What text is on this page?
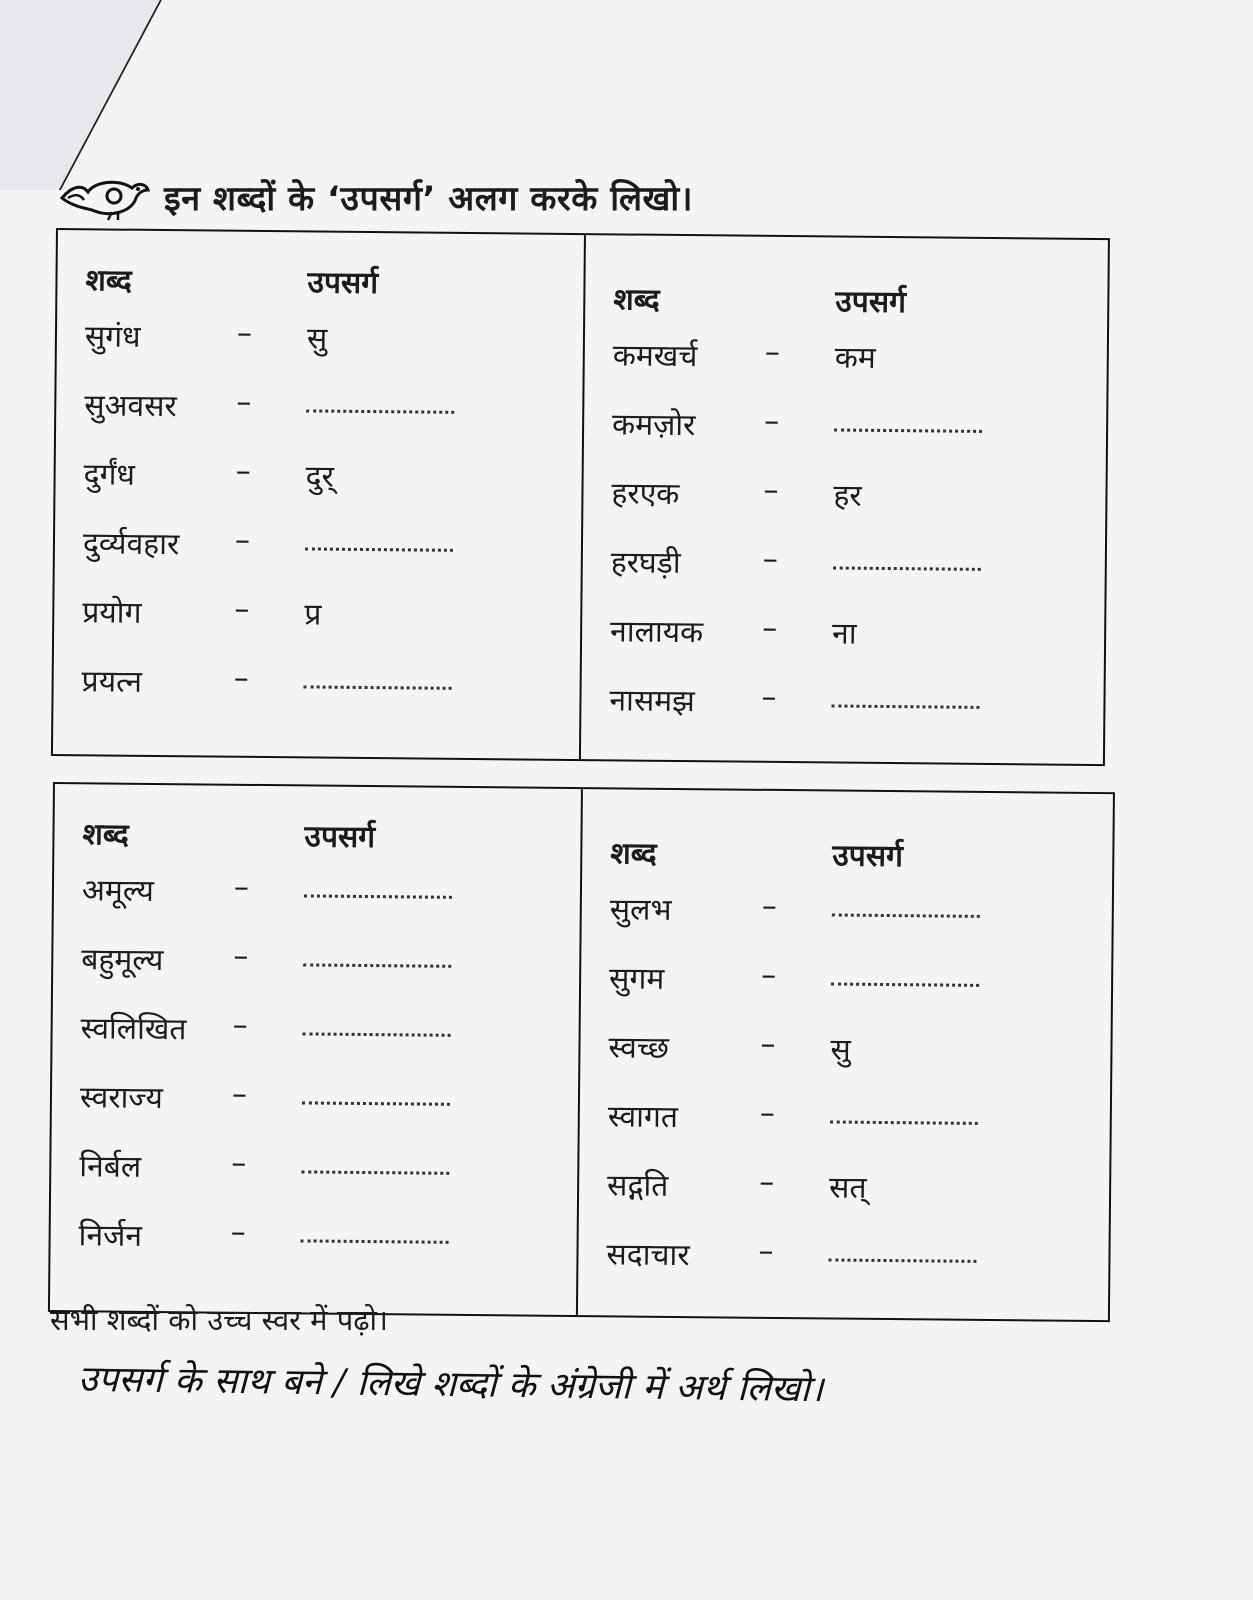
इन शब्दों के ‘उपसर्ग’ अलग करके लिखो।
शब्द	उपसर्ग
सुगंध	– सु
सुअवसर –
दुर्गंध	– दुर्
दुर्व्यवहार –
प्रयोग	– प्र
प्रयत्न	–
शब्द	उपसर्ग
कमखर्च – कम
कमज़ोर –
हरएक	– हर
हरघड़ी	–
नालायक – ना
नासमझ –
शब्द	उपसर्ग
अमूल्य	–
बहुमूल्य –
स्वलिखित –
स्वराज्य –
निर्बल	–
निर्जन	–
शब्द	उपसर्ग
सुलभ	–
सुगम	–
स्वच्छ	– सु
स्वागत	–
सद्गति	– सत्
सदाचार –
सभी शब्दों को उच्च स्वर में पढ़ो।
उपसर्ग के साथ बने / लिखे शब्दों के अंग्रेजी में अर्थ लिखो।
